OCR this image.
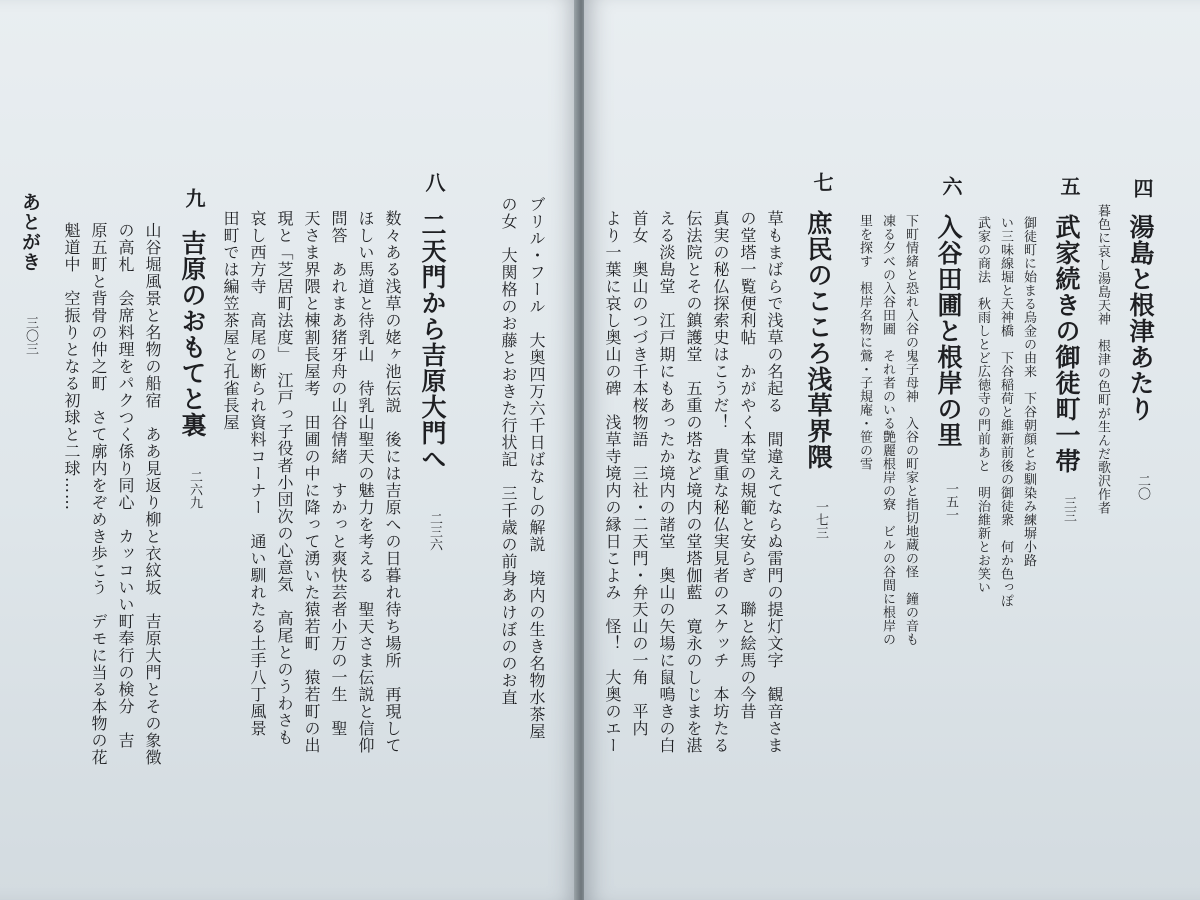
ブリル・フール　大奥四万六千日ばなしの解説　境内の生き名物水茶屋
の女　大関格のお藤とおきた行状記　三千歳の前身あけぼののお直
八
二天門から吉原大門へ
二三六
数々ある浅草の姥ヶ池伝説　後には吉原への日暮れ待ち場所　再現して
ほしい馬道と待乳山　待乳山聖天の魅力を考える　聖天さま伝説と信仰
問答　あれまあ猪牙舟の山谷情緒　すかっと爽快芸者小万の一生　聖
天さま界隈と棟割長屋考　田圃の中に降って湧いた猿若町　猿若町の出
現と「芝居町法度」　江戸っ子役者小団次の心意気　高尾とのうわさも
哀し西方寺　高尾の断られ資料コーナー　通い馴れたる土手八丁風景
田町では編笠茶屋と孔雀長屋
九
吉原のおもてと裏
二六九
山谷堀風景と名物の船宿　ああ見返り柳と衣紋坂　吉原大門とその象徴
の高札　会席料理をパクつく係り同心　カッコいい町奉行の検分　吉
原五町と背骨の仲之町　さて廓内をぞめき歩こう　デモに当る本物の花
魁道中　空振りとなる初球と二球……
あとがき
三〇三
四
湯島と根津あたり
二〇
暮色に哀し湯島天神　根津の色町が生んだ歌沢作者
五
武家続きの御徒町一帯
三三
御徒町に始まる烏金の由来　下谷朝顔とお馴染み練塀小路
い三味線堀と天神橋　下谷稲荷と維新前後の御徒衆　何か色っぽ
武家の商法　秋雨しとど広徳寺の門前あと　明治維新とお笑い
六
入谷田圃と根岸の里
一五一
下町情緒と恐れ入谷の鬼子母神　入谷の町家と指切地蔵の怪　鐘の音も
凍る夕べの入谷田圃　それ者のいる艶麗根岸の寮　ビルの谷間に根岸の
里を探す　根岸名物に鶯・子規庵・笹の雪
七
庶民のこころ浅草界隈
一七三
草もまばらで浅草の名起る　間違えてならぬ雷門の提灯文字　観音さま
の堂塔一覧便利帖　かがやく本堂の規範と安らぎ　聯と絵馬の今昔
真実の秘仏探索史はこうだ！　貴重な秘仏実見者のスケッチ　本坊たる
伝法院とその鎮護堂　五重の塔など境内の堂塔伽藍　寛永のしじまを湛
える淡島堂　江戸期にもあったか境内の諸堂　奥山の矢場に鼠鳴きの白
首女　奥山のつづき千本桜物語　三社・二天門・弁天山の一角　平内
より一葉に哀し奥山の碑　浅草寺境内の縁日こよみ　怪！　大奥のエー
